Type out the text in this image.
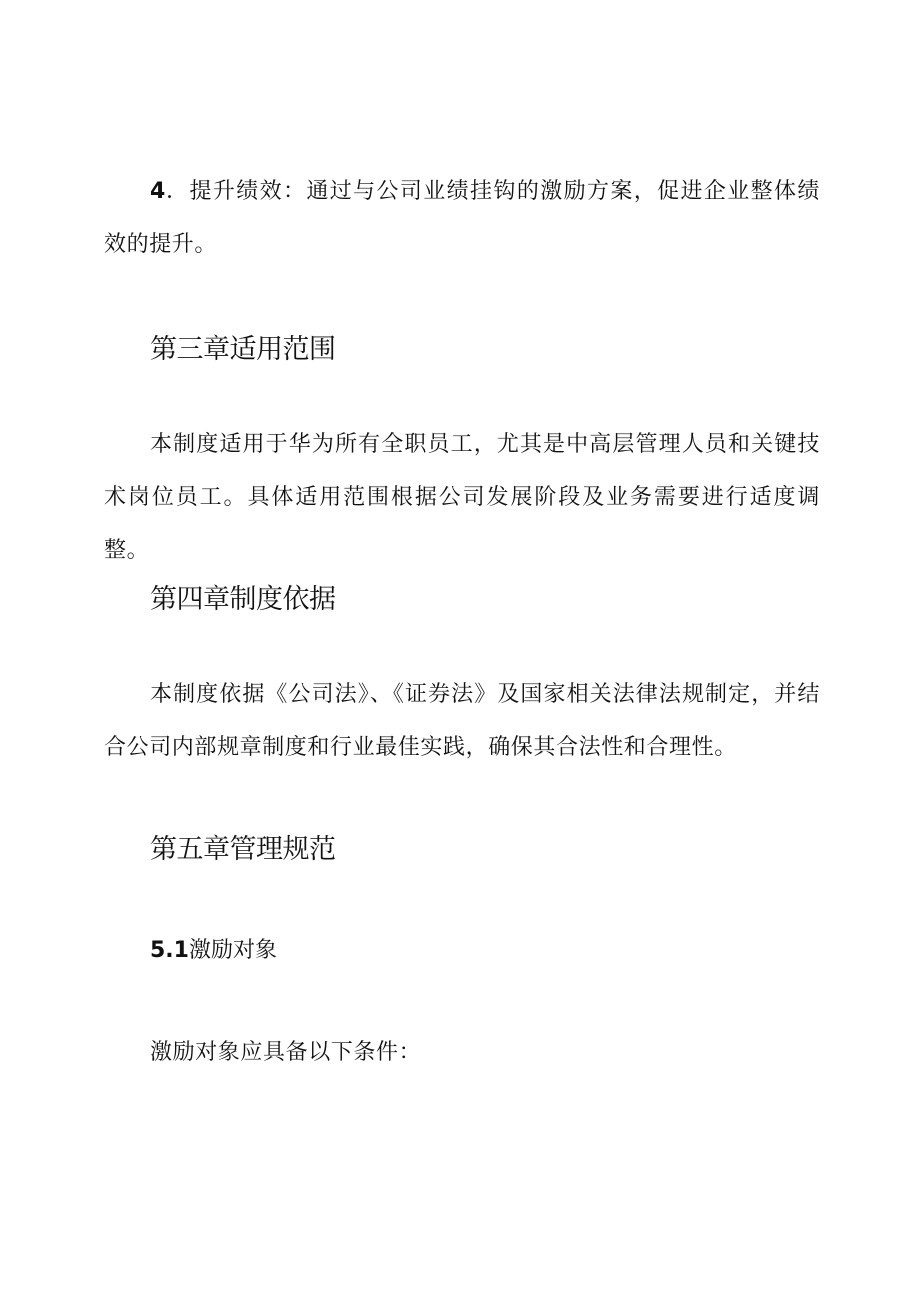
4．提升绩效：通过与公司业绩挂钩的激励方案，促进企业整体绩效的提升。

第三章适用范围

本制度适用于华为所有全职员工，尤其是中高层管理人员和关键技术岗位员工。具体适用范围根据公司发展阶段及业务需要进行适度调整。

第四章制度依据

本制度依据《公司法》、《证券法》及国家相关法律法规制定，并结合公司内部规章制度和行业最佳实践，确保其合法性和合理性。

第五章管理规范

5.1激励对象

激励对象应具备以下条件：
